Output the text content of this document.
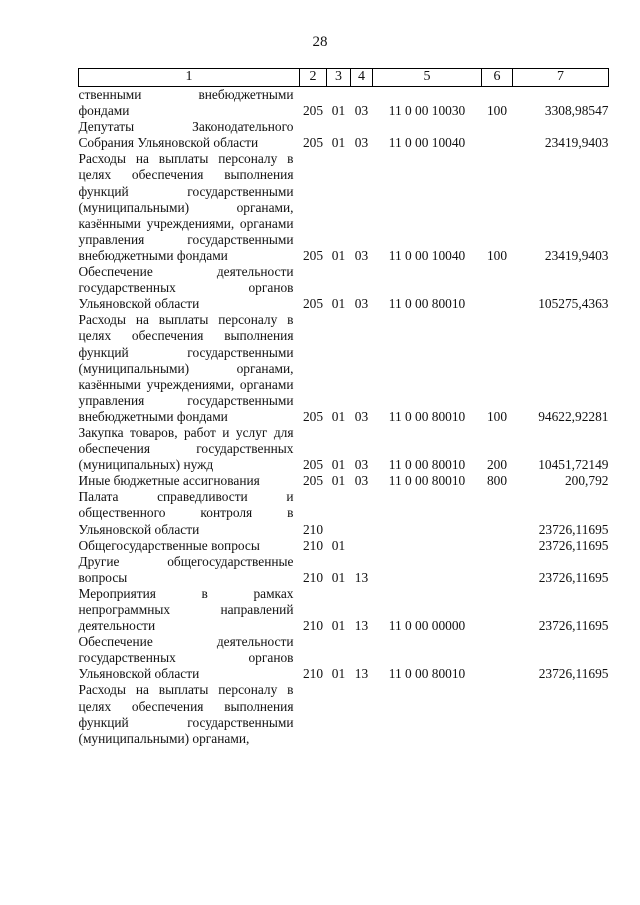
28
1	2	3	4	5	6	7
ственными внебюджетными фондами	205	01	03	11 0 00 10030	100	3308,98547
Депутаты Законодательного Собрания Ульяновской области	205	01	03	11 0 00 10040		23419,9403
Расходы на выплаты персоналу в целях обеспечения выполнения функций государственными (муниципальными) органами, казёнными учреждениями, органами управления государственными внебюджетными фондами	205	01	03	11 0 00 10040	100	23419,9403
Обеспечение деятельности государственных органов Ульяновской области	205	01	03	11 0 00 80010		105275,4363
Расходы на выплаты персоналу в целях обеспечения выполнения функций государственными (муниципальными) органами, казёнными учреждениями, органами управления государственными внебюджетными фондами	205	01	03	11 0 00 80010	100	94622,92281
Закупка товаров, работ и услуг для обеспечения государственных (муниципальных) нужд	205	01	03	11 0 00 80010	200	10451,72149
Иные бюджетные ассигнования	205	01	03	11 0 00 80010	800	200,792
Палата справедливости и общественного контроля в Ульяновской области	210					23726,11695
Общегосударственные вопросы	210	01				23726,11695
Другие общегосударственные вопросы	210	01	13			23726,11695
Мероприятия в рамках непрограммных направлений деятельности	210	01	13	11 0 00 00000		23726,11695
Обеспечение деятельности государственных органов Ульяновской области	210	01	13	11 0 00 80010		23726,11695
Расходы на выплаты персоналу в целях обеспечения выполнения функций государственными (муниципальными) органами,						
